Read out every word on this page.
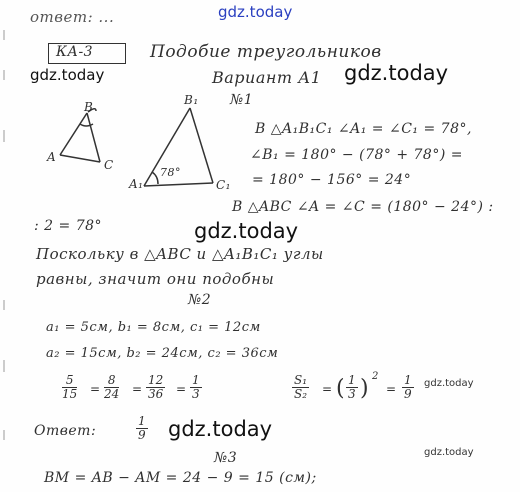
ответ: ...	gdz.today
gdz.today	gdz.today
gdz.today
gdz.today
gdz.today
gdz.today
КА-3	Подобие треугольников
Вариант А1
№1
B
A
C
B₁
A₁	C₁
78°
В △A₁B₁C₁ ∠A₁ = ∠C₁ = 78°,
∠B₁ = 180° − (78° + 78°) =
= 180° − 156° = 24°
В △ABC ∠A = ∠C = (180° − 24°) :
: 2 = 78°
Поскольку в △ABC и △A₁B₁C₁ углы
равны, значит они подобны
№2
a₁ = 5см, b₁ = 8см, c₁ = 12см
a₂ = 15см, b₂ = 24см, c₂ = 36см
$\frac{5}{15} = \frac{8}{24} = \frac{12}{36} = \frac{1}{3}$	$\frac{\text{S₁}}{\text{S₂}}$ = ( $\frac{1}{3}$ ) 2
= $\frac{1}{9}$
Ответ:	$\frac{1}{9}$
№3
BM = AB − AM = 24 − 9 = 15 (см);
